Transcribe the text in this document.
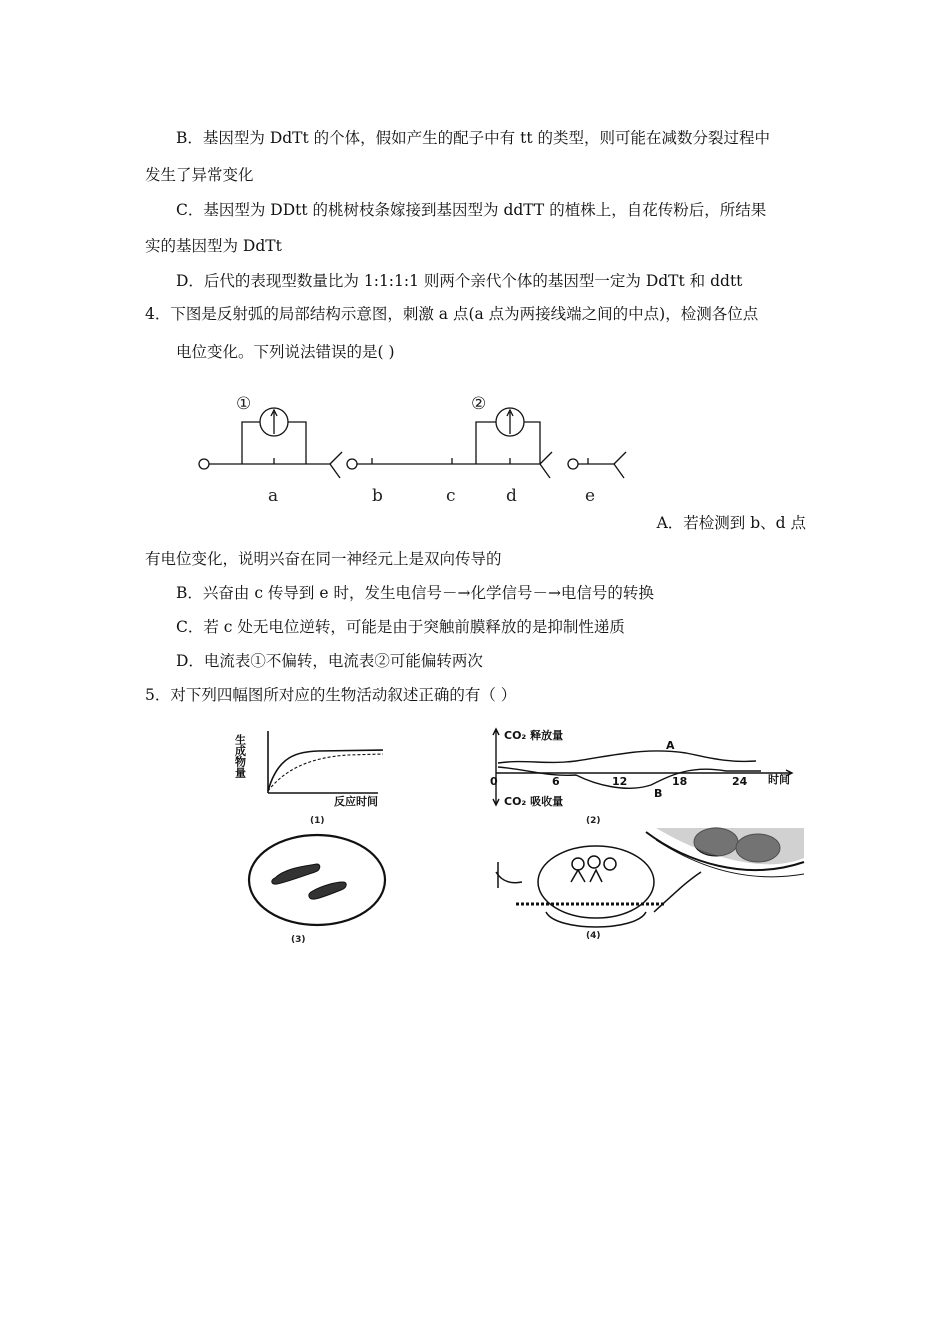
B．基因型为 DdTt 的个体，假如产生的配子中有 tt 的类型，则可能在减数分裂过程中
发生了异常变化
C．基因型为 DDtt 的桃树枝条嫁接到基因型为 ddTT 的植株上，自花传粉后，所结果
实的基因型为 DdTt
D．后代的表现型数量比为 1:1:1:1 则两个亲代个体的基因型一定为 DdTt 和 ddtt
4．下图是反射弧的局部结构示意图，刺激 a 点(a 点为两接线端之间的中点)，检测各位点
电位变化。下列说法错误的是( )
①	②
a	b	c	d	e
A．若检测到 b、d 点
有电位变化，说明兴奋在同一神经元上是双向传导的
B．兴奋由 c 传导到 e 时，发生电信号－→化学信号－→电信号的转换
C．若 c 处无电位逆转，可能是由于突触前膜释放的是抑制性递质
D．电流表①不偏转，电流表②可能偏转两次
5．对下列四幅图所对应的生物活动叙述正确的有（ ）
生成物量
反应时间
(1)
CO₂ 释放量
CO₂ 吸收量
时间
0	6	12	18	24
A
B
(2)
(3)	(4)
